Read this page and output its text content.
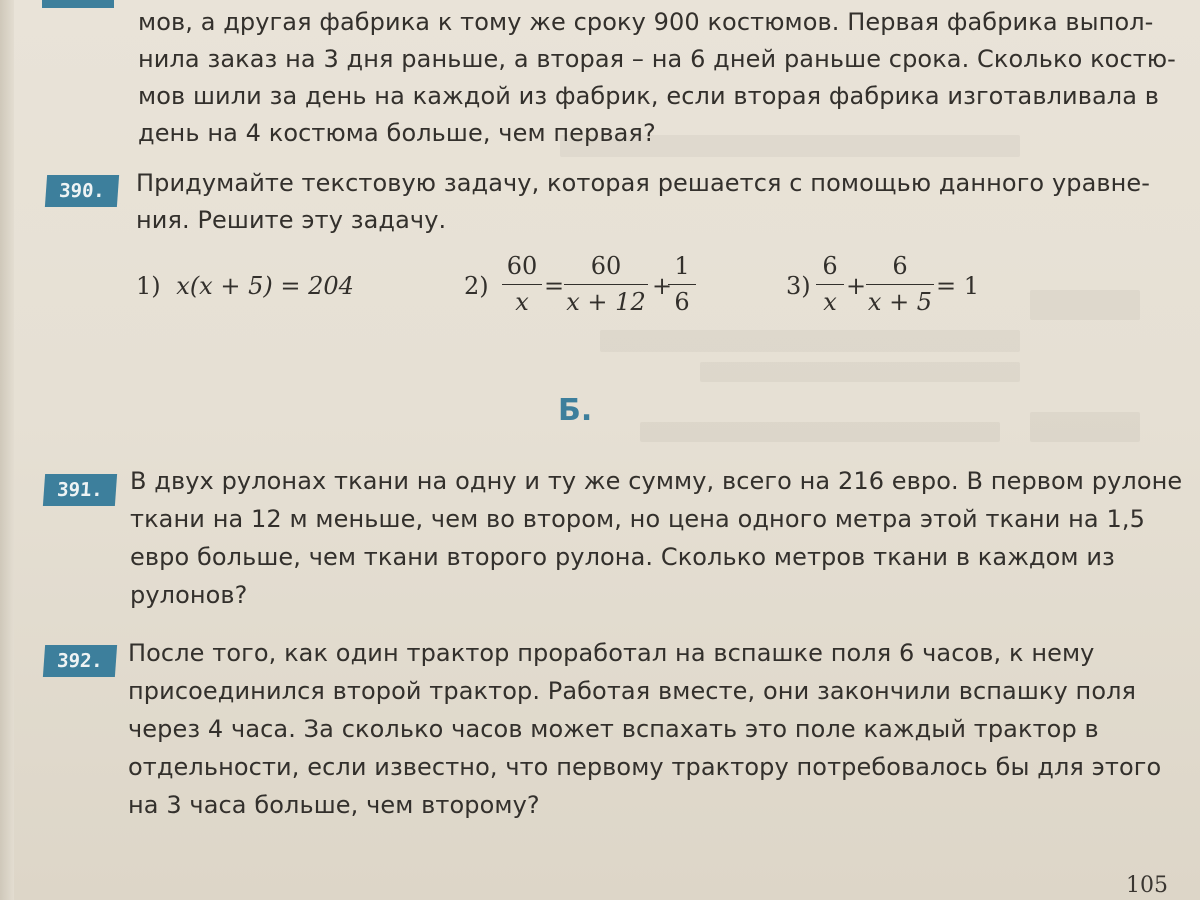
мов, а другая фабрика к тому же сроку 900 костюмов. Первая фабрика выпол-
нила заказ на 3 дня раньше, а вторая – на 6 дней раньше срока. Сколько костю-
мов шили за день на каждой из фабрик, если вторая фабрика изготавливала в
день на 4 костюма больше, чем первая?
390.	Придумайте текстовую задачу, которая решается с помощью данного уравне-
ния. Решите эту задачу.
1) x(x + 5) = 204	2)
60
x
=
60
x + 12
+
1
6
3)
6
x
+
6
x + 5
= 1
Б.
391.	В двух рулонах ткани на одну и ту же сумму, всего на 216 евро. В первом рулоне
ткани на 12 м меньше, чем во втором, но цена одного метра этой ткани на 1,5
евро больше, чем ткани второго рулона. Сколько метров ткани в каждом из
рулонов?
392.	После того, как один трактор проработал на вспашке поля 6 часов, к нему
присоединился второй трактор. Работая вместе, они закончили вспашку поля
через 4 часа. За сколько часов может вспахать это поле каждый трактор в
отдельности, если известно, что первому трактору потребовалось бы для этого
на 3 часа больше, чем второму?
105
